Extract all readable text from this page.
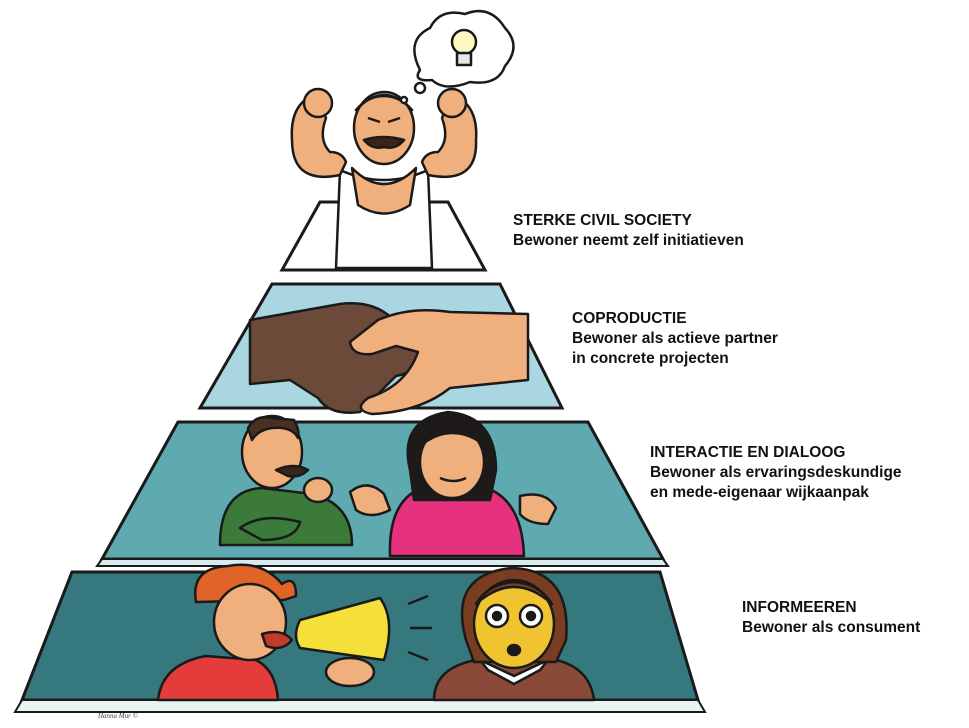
STERKE CIVIL SOCIETY
Bewoner neemt zelf initiatieven
COPRODUCTIE
Bewoner als actieve partner
in concrete projecten
INTERACTIE EN DIALOOG
Bewoner als ervaringsdeskundige
en mede-eigenaar wijkaanpak
INFORMEEREN
Bewoner als consument
Hanna Mur ©
